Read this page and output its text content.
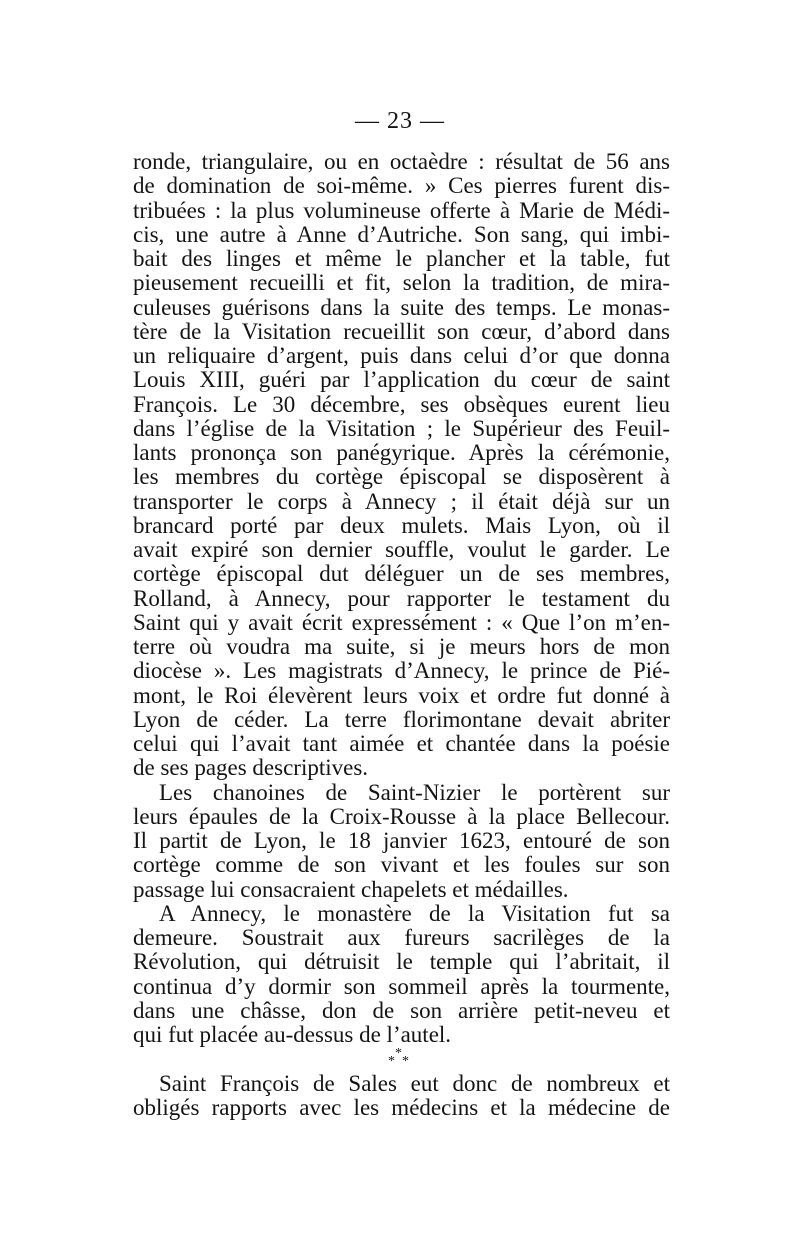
— 23 —
ronde, triangulaire, ou en octaèdre : résultat de 56 ans
de domination de soi-même. » Ces pierres furent dis-
tribuées : la plus volumineuse offerte à Marie de Médi-
cis, une autre à Anne d’Autriche. Son sang, qui imbi-
bait des linges et même le plancher et la table, fut
pieusement recueilli et fit, selon la tradition, de mira-
culeuses guérisons dans la suite des temps. Le monas-
tère de la Visitation recueillit son cœur, d’abord dans
un reliquaire d’argent, puis dans celui d’or que donna
Louis XIII, guéri par l’application du cœur de saint
François. Le 30 décembre, ses obsèques eurent lieu
dans l’église de la Visitation ; le Supérieur des Feuil-
lants prononça son panégyrique. Après la cérémonie,
les membres du cortège épiscopal se disposèrent à
transporter le corps à Annecy ; il était déjà sur un
brancard porté par deux mulets. Mais Lyon, où il
avait expiré son dernier souffle, voulut le garder. Le
cortège épiscopal dut déléguer un de ses membres,
Rolland, à Annecy, pour rapporter le testament du
Saint qui y avait écrit expressément : « Que l’on m’en-
terre où voudra ma suite, si je meurs hors de mon
diocèse ». Les magistrats d’Annecy, le prince de Pié-
mont, le Roi élevèrent leurs voix et ordre fut donné à
Lyon de céder. La terre florimontane devait abriter
celui qui l’avait tant aimée et chantée dans la poésie
de ses pages descriptives.
Les chanoines de Saint-Nizier le portèrent sur
leurs épaules de la Croix-Rousse à la place Bellecour.
Il partit de Lyon, le 18 janvier 1623, entouré de son
cortège comme de son vivant et les foules sur son
passage lui consacraient chapelets et médailles.
A Annecy, le monastère de la Visitation fut sa
demeure. Soustrait aux fureurs sacrilèges de la
Révolution, qui détruisit le temple qui l’abritait, il
continua d’y dormir son sommeil après la tourmente,
dans une châsse, don de son arrière petit-neveu et
qui fut placée au-dessus de l’autel.
*
* *
Saint François de Sales eut donc de nombreux et
obligés rapports avec les médecins et la médecine de
